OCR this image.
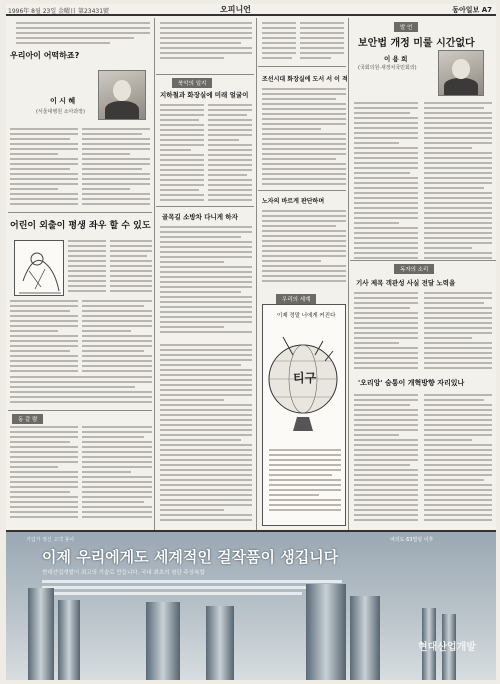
1996年 8월 23일 金曜日 第23431號	오피니언	동아일보 A7
우리아이 어떡하죠?
이 시 혜
(서울대병원 소아과장)
어린이 외출이 평생 좌우 할 수 있도
동 갈 람
북악의 일지
지하철과 화장실에 미래 얼굴이
골목길 소방차 다니게 하자
조선시대 화장실에 도서 서 이 적
노자의 바르게 판단하며
우리의 세계
이제 정말 너에게 커진다
티구
발 언
보안법 개정 미룰 시간없다
이 용 희
(국회의원·새정치국민회의)
독자의 소리
기사 제목 객관성 사실 전달 노력을
'오리앙' 숨통이 개혁방향 자리있나
기업가 정신 고객 봉사	여의도 63빌딩 이후
이제 우리에게도 세계적인 걸작품이 생깁니다
현대산업개발이 최고의 기술로 만듭니다. 국내 최초의 첨단 주상복합
현대산업개발
